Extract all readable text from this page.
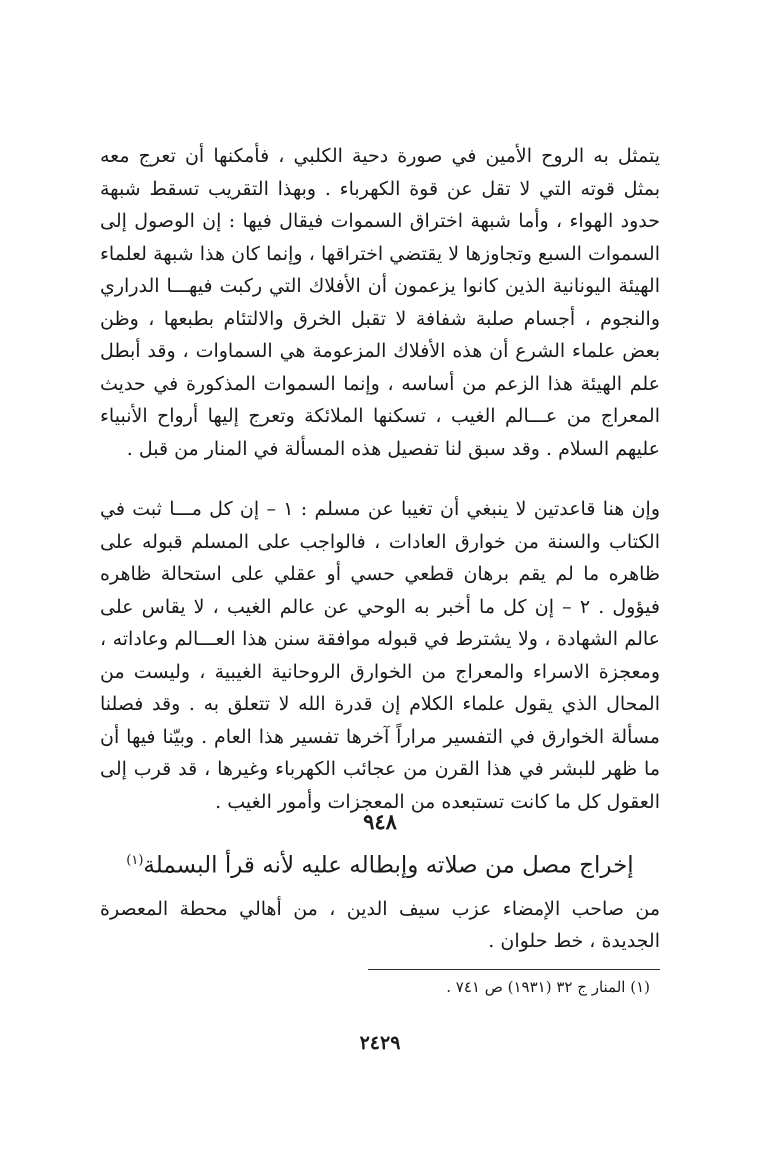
يتمثل به الروح الأمين في صورة دحية الكلبي ، فأمكنها أن تعرج معه بمثل قوته التي لا تقل عن قوة الكهرباء . وبهذا التقريب تسقط شبهة حدود الهواء ، وأما شبهة اختراق السموات فيقال فيها : إن الوصول إلى السموات السبع وتجاوزها لا يقتضي اختراقها ، وإنما كان هذا شبهة لعلماء الهيئة اليونانية الذين كانوا يزعمون أن الأفلاك التي ركبت فيهـــا الدراري والنجوم ، أجسام صلبة شفافة لا تقبل الخرق والالتئام بطبعها ، وظن بعض علماء الشرع أن هذه الأفلاك المزعومة هي السماوات ، وقد أبطل علم الهيئة هذا الزعم من أساسه ، وإنما السموات المذكورة في حديث المعراج من عـــالم الغيب ، تسكنها الملائكة وتعرج إليها أرواح الأنبياء عليهم السلام . وقد سبق لنا تفصيل هذه المسألة في المنار من قبل .

وإن هنا قاعدتين لا ينبغي أن تغيبا عن مسلم : ١ – إن كل مـــا ثبت في الكتاب والسنة من خوارق العادات ، فالواجب على المسلم قبوله على ظاهره ما لم يقم برهان قطعي حسي أو عقلي على استحالة ظاهره فيؤول . ٢ – إن كل ما أخبر به الوحي عن عالم الغيب ، لا يقاس على عالم الشهادة ، ولا يشترط في قبوله موافقة سنن هذا العـــالم وعاداته ، ومعجزة الاسراء والمعراج من الخوارق الروحانية الغيبية ، وليست من المحال الذي يقول علماء الكلام إن قدرة الله لا تتعلق به . وقد فصلنا مسألة الخوارق في التفسير مراراً آخرها تفسير هذا العام . وبيّنا فيها أن ما ظهر للبشر في هذا القرن من عجائب الكهرباء وغيرها ، قد قرب إلى العقول كل ما كانت تستبعده من المعجزات وأمور الغيب .

٩٤٨
إخراج مصل من صلاته وإبطاله عليه لأنه قرأ البسملة$^{(١)}$

من صاحب الإمضاء عزب سيف الدين ، من أهالي محطة المعصرة الجديدة ، خط حلوان .

(١) المنار ج ٣٢ (١٩٣١) ص ٧٤١ .
٢٤٢٩
